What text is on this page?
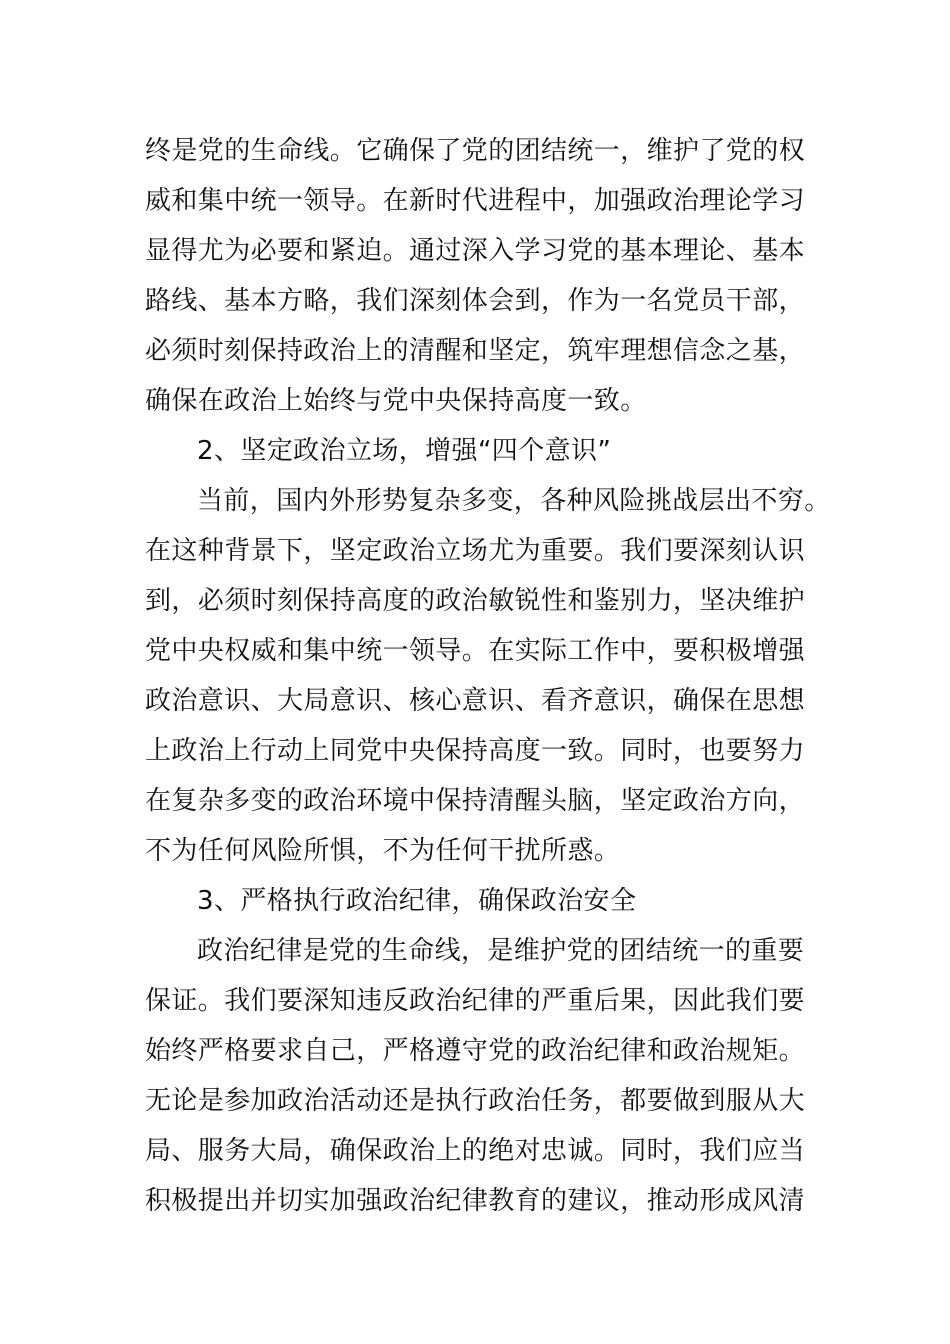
终是党的生命线。它确保了党的团结统一，维护了党的权
威和集中统一领导。在新时代进程中，加强政治理论学习
显得尤为必要和紧迫。通过深入学习党的基本理论、基本
路线、基本方略，我们深刻体会到，作为一名党员干部，
必须时刻保持政治上的清醒和坚定，筑牢理想信念之基，
确保在政治上始终与党中央保持高度一致。
2、坚定政治立场，增强“四个意识”
当前，国内外形势复杂多变，各种风险挑战层出不穷。
在这种背景下，坚定政治立场尤为重要。我们要深刻认识
到，必须时刻保持高度的政治敏锐性和鉴别力，坚决维护
党中央权威和集中统一领导。在实际工作中，要积极增强
政治意识、大局意识、核心意识、看齐意识，确保在思想
上政治上行动上同党中央保持高度一致。同时，也要努力
在复杂多变的政治环境中保持清醒头脑，坚定政治方向，
不为任何风险所惧，不为任何干扰所惑。
3、严格执行政治纪律，确保政治安全
政治纪律是党的生命线，是维护党的团结统一的重要
保证。我们要深知违反政治纪律的严重后果，因此我们要
始终严格要求自己，严格遵守党的政治纪律和政治规矩。
无论是参加政治活动还是执行政治任务，都要做到服从大
局、服务大局，确保政治上的绝对忠诚。同时，我们应当
积极提出并切实加强政治纪律教育的建议，推动形成风清
